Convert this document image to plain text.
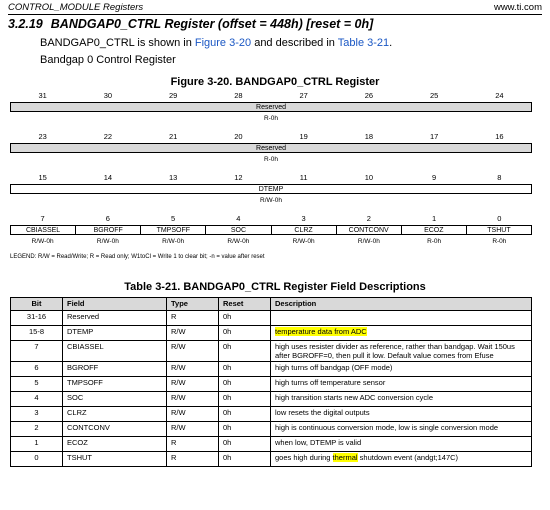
CONTROL_MODULE Registers	www.ti.com
3.2.19 BANDGAP0_CTRL Register (offset = 448h) [reset = 0h]
BANDGAP0_CTRL is shown in Figure 3-20 and described in Table 3-21.
Bandgap 0 Control Register
Figure 3-20. BANDGAP0_CTRL Register
31	30	29	28	27	26	25	24
Reserved
R-0h
23	22	21	20	19	18	17	16
Reserved
R-0h
15	14	13	12	11	10	9	8
DTEMP
R/W-0h
7	6	5	4	3	2	1	0
CBIASSEL	BGROFF	TMPSOFF	SOC	CLRZ	CONTCONV	ECOZ	TSHUT
R/W-0h	R/W-0h	R/W-0h	R/W-0h	R/W-0h	R/W-0h	R-0h	R-0h
LEGEND: R/W = Read/Write; R = Read only; W1toCl = Write 1 to clear bit; -n = value after reset
Table 3-21. BANDGAP0_CTRL Register Field Descriptions
Bit	Field	Type	Reset	Description
31-16	Reserved	R	0h	
15-8	DTEMP	R/W	0h	temperature data from ADC
7	CBIASSEL	R/W	0h	high uses resister divider as reference, rather than bandgap. Wait 150us after BGROFF=0, then pull it low. Default value comes from Efuse
6	BGROFF	R/W	0h	high turns off bandgap (OFF mode)
5	TMPSOFF	R/W	0h	high turns off temperature sensor
4	SOC	R/W	0h	high transition starts new ADC conversion cycle
3	CLRZ	R/W	0h	low resets the digital outputs
2	CONTCONV	R/W	0h	high is continuous conversion mode, low is single conversion mode
1	ECOZ	R	0h	when low, DTEMP is valid
0	TSHUT	R	0h	goes high during thermal shutdown event (andgt;147C)
